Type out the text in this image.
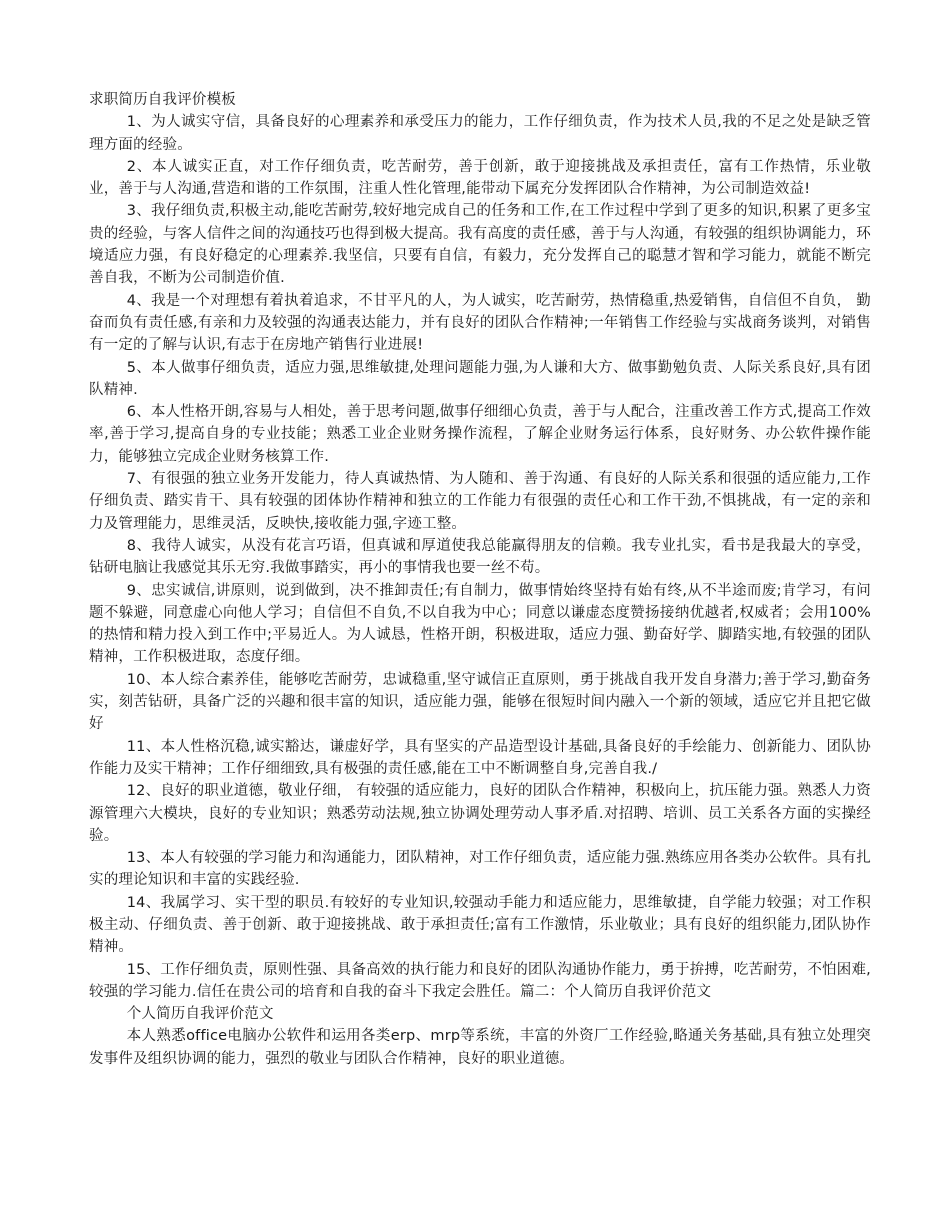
求职简历自我评价模板

1、为人诚实守信，具备良好的心理素养和承受压力的能力，工作仔细负责，作为技术人员,我的不足之处是缺乏管理方面的经验。

2、本人诚实正直，对工作仔细负责，吃苦耐劳，善于创新，敢于迎接挑战及承担责任，富有工作热情，乐业敬业，善于与人沟通,营造和谐的工作氛围，注重人性化管理,能带动下属充分发挥团队合作精神，为公司制造效益!

3、我仔细负责,积极主动,能吃苦耐劳,较好地完成自己的任务和工作,在工作过程中学到了更多的知识,积累了更多宝贵的经验，与客人信件之间的沟通技巧也得到极大提高。我有高度的责任感，善于与人沟通，有较强的组织协调能力，环境适应力强，有良好稳定的心理素养.我坚信，只要有自信，有毅力，充分发挥自己的聪慧才智和学习能力，就能不断完善自我，不断为公司制造价值.

4、我是一个对理想有着执着追求，不甘平凡的人，为人诚实，吃苦耐劳，热情稳重,热爱销售，自信但不自负， 勤奋而负有责任感,有亲和力及较强的沟通表达能力，并有良好的团队合作精神;一年销售工作经验与实战商务谈判，对销售有一定的了解与认识,有志于在房地产销售行业进展!

5、本人做事仔细负责，适应力强,思维敏捷,处理问题能力强,为人谦和大方、做事勤勉负责、人际关系良好,具有团队精神.

6、本人性格开朗,容易与人相处，善于思考问题,做事仔细细心负责，善于与人配合，注重改善工作方式,提高工作效率,善于学习,提高自身的专业技能；熟悉工业企业财务操作流程，了解企业财务运行体系，良好财务、办公软件操作能力，能够独立完成企业财务核算工作.

7、有很强的独立业务开发能力，待人真诚热情、为人随和、善于沟通、有良好的人际关系和很强的适应能力,工作仔细负责、踏实肯干、具有较强的团体协作精神和独立的工作能力有很强的责任心和工作干劲,不惧挑战，有一定的亲和力及管理能力，思维灵活，反映快,接收能力强,字迹工整。

8、我待人诚实，从没有花言巧语，但真诚和厚道使我总能赢得朋友的信赖。我专业扎实，看书是我最大的享受，钻研电脑让我感觉其乐无穷.我做事踏实，再小的事情我也要一丝不苟。

9、忠实诚信,讲原则，说到做到，决不推卸责任;有自制力，做事情始终坚持有始有终,从不半途而废;肯学习，有问题不躲避，同意虚心向他人学习；自信但不自负,不以自我为中心；同意以谦虚态度赞扬接纳优越者,权威者；会用100%的热情和精力投入到工作中;平易近人。为人诚恳，性格开朗，积极进取，适应力强、勤奋好学、脚踏实地,有较强的团队精神，工作积极进取，态度仔细。

10、本人综合素养佳，能够吃苦耐劳，忠诚稳重,坚守诚信正直原则，勇于挑战自我开发自身潜力;善于学习,勤奋务实，刻苦钻研，具备广泛的兴趣和很丰富的知识，适应能力强，能够在很短时间内融入一个新的领域，适应它并且把它做好

11、本人性格沉稳,诚实豁达，谦虚好学，具有坚实的产品造型设计基础,具备良好的手绘能力、创新能力、团队协作能力及实干精神；工作仔细细致,具有极强的责任感,能在工中不断调整自身,完善自我./

12、良好的职业道德，敬业仔细， 有较强的适应能力，良好的团队合作精神，积极向上，抗压能力强。熟悉人力资源管理六大模块，良好的专业知识；熟悉劳动法规,独立协调处理劳动人事矛盾.对招聘、培训、员工关系各方面的实操经验。

13、本人有较强的学习能力和沟通能力，团队精神，对工作仔细负责，适应能力强.熟练应用各类办公软件。具有扎实的理论知识和丰富的实践经验.

14、我属学习、实干型的职员.有较好的专业知识,较强动手能力和适应能力，思维敏捷，自学能力较强；对工作积极主动、仔细负责、善于创新、敢于迎接挑战、敢于承担责任;富有工作激情，乐业敬业；具有良好的组织能力,团队协作精神。

15、工作仔细负责，原则性强、具备高效的执行能力和良好的团队沟通协作能力，勇于拚搏，吃苦耐劳，不怕困难,较强的学习能力.信任在贵公司的培育和自我的奋斗下我定会胜任。篇二：个人简历自我评价范文

个人简历自我评价范文

本人熟悉office电脑办公软件和运用各类erp、mrp等系统，丰富的外资厂工作经验,略通关务基础,具有独立处理突发事件及组织协调的能力，强烈的敬业与团队合作精神，良好的职业道德。
